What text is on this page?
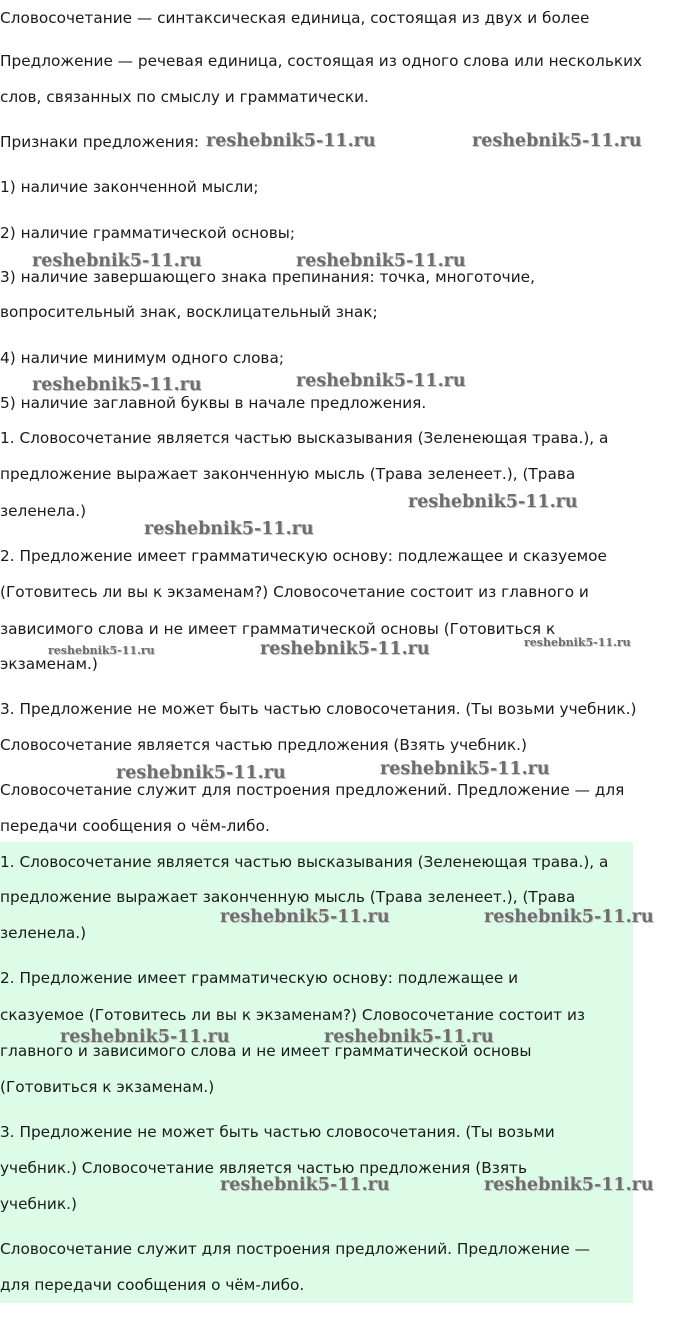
Словосочетание — синтаксическая единица, состоящая из двух и более

Предложение — речевая единица, состоящая из одного слова или нескольких

слов, связанных по смыслу и грамматически.

Признаки предложения:

1) наличие законченной мысли;

2) наличие грамматической основы;

3) наличие завершающего знака препинания: точка, многоточие,

вопросительный знак, восклицательный знак;

4) наличие минимум одного слова;

5) наличие заглавной буквы в начале предложения.

1. Словосочетание является частью высказывания (Зеленеющая трава.), а

предложение выражает законченную мысль (Трава зеленеет.), (Трава

зеленела.)

2. Предложение имеет грамматическую основу: подлежащее и сказуемое

(Готовитесь ли вы к экзаменам?) Словосочетание состоит из главного и

зависимого слова и не имеет грамматической основы (Готовиться к

экзаменам.)

3. Предложение не может быть частью словосочетания. (Ты возьми учебник.)

Словосочетание является частью предложения (Взять учебник.)

Словосочетание служит для построения предложений. Предложение — для

передачи сообщения о чём-либо.

1. Словосочетание является частью высказывания (Зеленеющая трава.), а

предложение выражает законченную мысль (Трава зеленеет.), (Трава

зеленела.)

2. Предложение имеет грамматическую основу: подлежащее и

сказуемое (Готовитесь ли вы к экзаменам?) Словосочетание состоит из

главного и зависимого слова и не имеет грамматической основы

(Готовиться к экзаменам.)

3. Предложение не может быть частью словосочетания. (Ты возьми

учебник.) Словосочетание является частью предложения (Взять

учебник.)

Словосочетание служит для построения предложений. Предложение —

для передачи сообщения о чём-либо.

reshebnik5-11.ru	reshebnik5-11.ru
reshebnik5-11.ru	reshebnik5-11.ru
reshebnik5-11.ru
reshebnik5-11.ru
reshebnik5-11.ru
reshebnik5-11.ru
reshebnik5-11.ru	reshebnik5-11.ru	reshebnik5-11.ru
reshebnik5-11.ru	reshebnik5-11.ru
reshebnik5-11.ru	reshebnik5-11.ru
reshebnik5-11.ru	reshebnik5-11.ru
reshebnik5-11.ru	reshebnik5-11.ru
